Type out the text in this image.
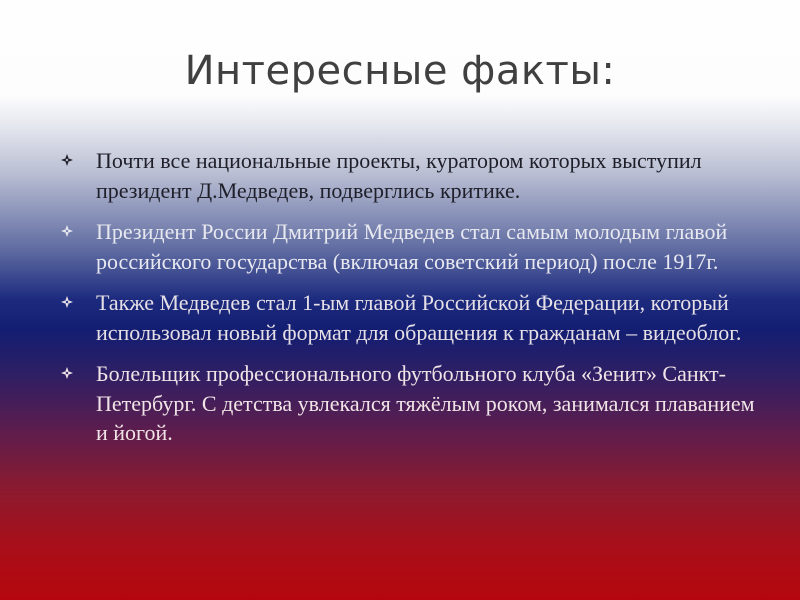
Интересные факты:
Почти все национальные проекты, куратором которых выступил президент Д.Медведев, подверглись критике.
Президент России Дмитрий Медведев стал самым молодым главой российского государства (включая советский период) после 1917г.
Также Медведев стал 1-ым главой Российской Федерации, который использовал новый формат для обращения к гражданам – видеоблог.
Болельщик профессионального футбольного клуба «Зенит» Санкт-Петербург. С детства увлекался тяжёлым роком, занимался плаванием и йогой.
